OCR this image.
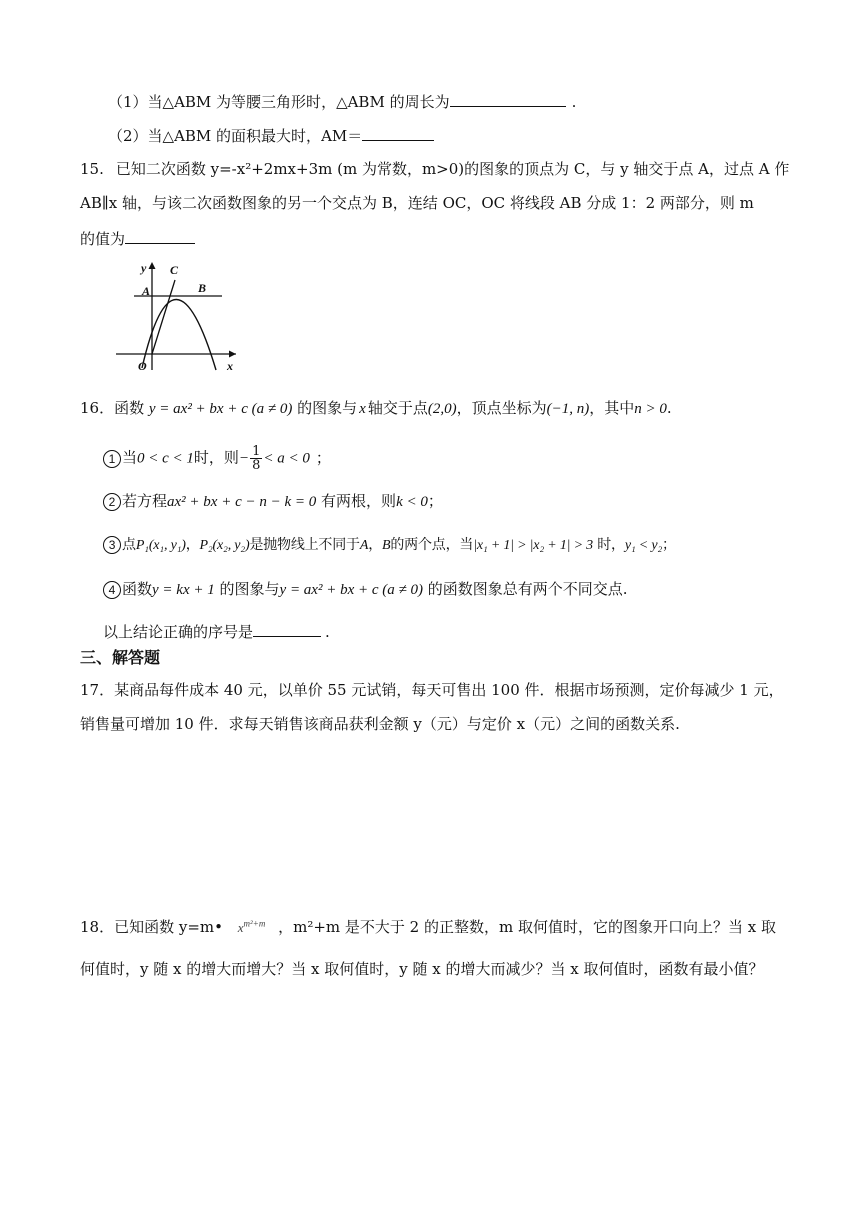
（1）当△ABM 为等腰三角形时，△ABM 的周长为	.
（2）当△ABM 的面积最大时，AM＝
15. 已知二次函数 y=-x²+2mx+3m (m 为常数，m>0)的图象的顶点为 C，与 y 轴交于点 A，过点 A 作
AB∥x 轴，与该二次函数图象的另一个交点为 B，连结 OC，OC 将线段 AB 分成 1：2 两部分，则 m
的值为
y C
A	B
O	x
16．函数 y = ax² + bx + c (a ≠ 0) 的图象与 x 轴交于点(2,0)，顶点坐标为(−1, n)，其中n > 0.
1 当0 < c < 1时，则− $\frac{1}{8} < a < 0$ ；
2 若方程ax² + bx + c − n − k = 0 有两根，则k < 0；
3 点P₁(x₁, y₁)，P₂(x₂, y₂)是抛物线上不同于A，B的两个点，当|x₁ + 1| > |x₂ + 1| > 3 时，y₁ < y₂；
4 函数y = kx + 1 的图象与y = ax² + bx + c (a ≠ 0) 的函数图象总有两个不同交点.
以上结论正确的序号是	.
三、解答题
17．某商品每件成本 40 元，以单价 55 元试销，每天可售出 100 件．根据市场预测，定价每减少 1 元，
销售量可增加 10 件．求每天销售该商品获利金额 y（元）与定价 x（元）之间的函数关系.
18．已知函数 y=m• $x^{m^2+m}$ ，m²+m 是不大于 2 的正整数，m 取何值时，它的图象开口向上？当 x 取
何值时，y 随 x 的增大而增大？当 x 取何值时，y 随 x 的增大而减少？当 x 取何值时，函数有最小值？
